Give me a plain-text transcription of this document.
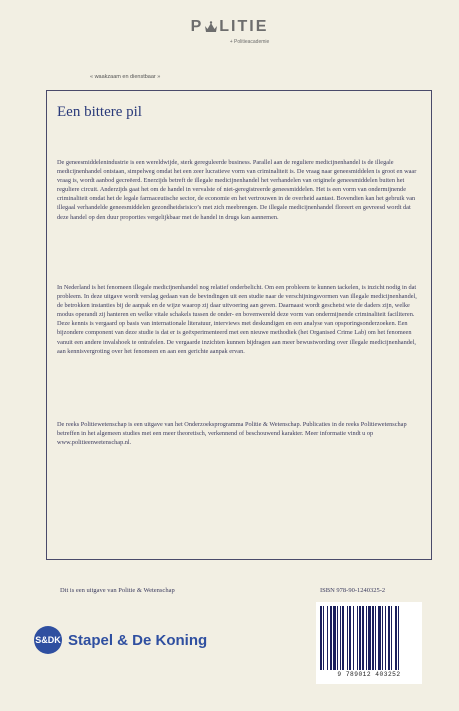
P LITIE
+ Politieacademie
« waakzaam en dienstbaar »
Een bittere pil

De geneesmiddelenindustrie is een wereldwijde, sterk gereguleerde business. Parallel aan de reguliere medicijnenhandel is de illegale medicijnenhandel ontstaan, simpelweg omdat het een zeer lucratieve vorm van criminaliteit is. De vraag naar geneesmiddelen is groot en waar vraag is, wordt aanbod gecreëerd. Enerzijds betreft de illegale medicijnenhandel het verhandelen van originele geneesmiddelen buiten het reguliere circuit. Anderzijds gaat het om de handel in vervalste of niet-geregistreerde geneesmiddelen. Het is een vorm van ondermijnende criminaliteit omdat het de legale farmaceutische sector, de economie en het vertrouwen in de overheid aantast. Bovendien kan het gebruik van illegaal verhandelde geneesmiddelen gezondheidsrisico’s met zich meebrengen. De illegale medicijnenhandel floreert en gevreesd wordt dat deze handel op den duur proporties vergelijkbaar met de handel in drugs kan aannemen.

In Nederland is het fenomeen illegale medicijnenhandel nog relatief onderbelicht. Om een probleem te kunnen tackelen, is inzicht nodig in dat probleem. In deze uitgave wordt verslag gedaan van de bevindingen uit een studie naar de verschijningsvormen van illegale medicijnenhandel, de betrokken instanties bij de aanpak en de wijze waarop zij daar uitvoering aan geven. Daarnaast wordt geschetst wie de daders zijn, welke modus operandi zij hanteren en welke vitale schakels tussen de onder- en bovenwereld deze vorm van ondermijnende criminaliteit faciliteren. Deze kennis is vergaard op basis van internationale literatuur, interviews met deskundigen en een analyse van opsporingsonderzoeken. Een bijzondere component van deze studie is dat er is geëxperimenteerd met een nieuwe methodiek (het Organised Crime Lab) om het fenomeen vanuit een andere invalshoek te ontrafelen. De vergaarde inzichten kunnen bijdragen aan meer bewustwording over illegale medicijnenhandel, aan kennisvergroting over het fenomeen en aan een gerichte aanpak ervan.

De reeks Politiewetenschap is een uitgave van het Onderzoeksprogramma Politie & Wetenschap. Publicaties in de reeks Politiewetenschap betreffen in het algemeen studies met een meer theoretisch, verkennend of beschouwend karakter. Meer informatie vindt u op www.politieenwetenschap.nl.

Dit is een uitgave van Politie & Wetenschap	ISBN 978-90-1240325-2
S&DK Stapel & De Koning
9 789012 403252
